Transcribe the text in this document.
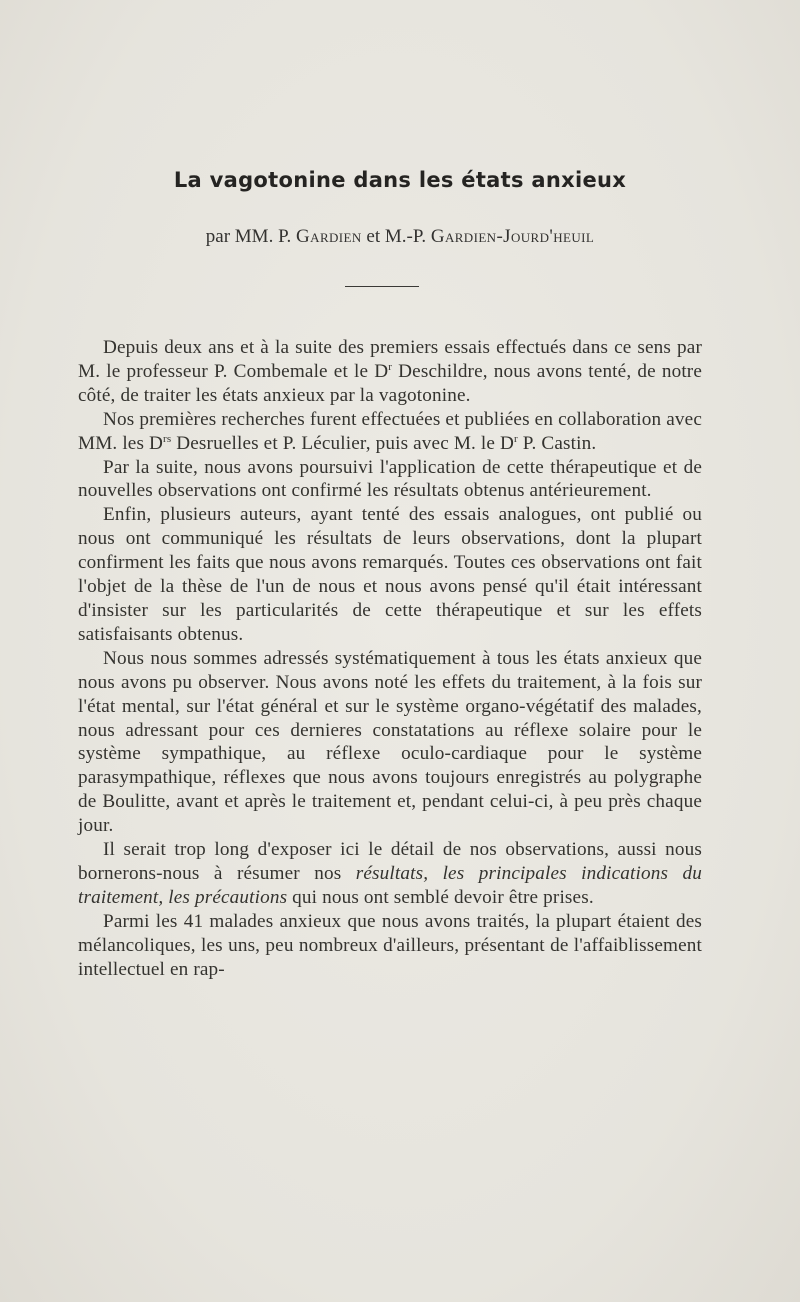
La vagotonine dans les états anxieux
par MM. P. Gardien et M.-P. Gardien-Jourd'heuil

Depuis deux ans et à la suite des premiers essais effectués dans ce sens par M. le professeur P. Combemale et le $D^r$ Deschildre, nous avons tenté, de notre côté, de traiter les états anxieux par la vagotonine.

Nos premières recherches furent effectuées et publiées en collaboration avec MM. les $D^{rs}$ Desruelles et P. Léculier, puis avec M. le $D^r$ P. Castin.

Par la suite, nous avons poursuivi l'application de cette thérapeutique et de nouvelles observations ont confirmé les résultats obtenus antérieurement.

Enfin, plusieurs auteurs, ayant tenté des essais analogues, ont publié ou nous ont communiqué les résultats de leurs observations, dont la plupart confirment les faits que nous avons remarqués. Toutes ces observations ont fait l'objet de la thèse de l'un de nous et nous avons pensé qu'il était intéressant d'insister sur les particularités de cette thérapeutique et sur les effets satisfaisants obtenus.

Nous nous sommes adressés systématiquement à tous les états anxieux que nous avons pu observer. Nous avons noté les effets du traitement, à la fois sur l'état mental, sur l'état général et sur le système organo-végétatif des malades, nous adressant pour ces dernieres constatations au réflexe solaire pour le système sympathique, au réflexe oculo-cardiaque pour le système parasympathique, réflexes que nous avons toujours enregistrés au polygraphe de Boulitte, avant et après le traitement et, pendant celui-ci, à peu près chaque jour.

Il serait trop long d'exposer ici le détail de nos observations, aussi nous bornerons-nous à résumer nos résultats, les principales indications du traitement, les précautions qui nous ont semblé devoir être prises.

Parmi les 41 malades anxieux que nous avons traités, la plupart étaient des mélancoliques, les uns, peu nombreux d'ailleurs, présentant de l'affaiblissement intellectuel en rap-
